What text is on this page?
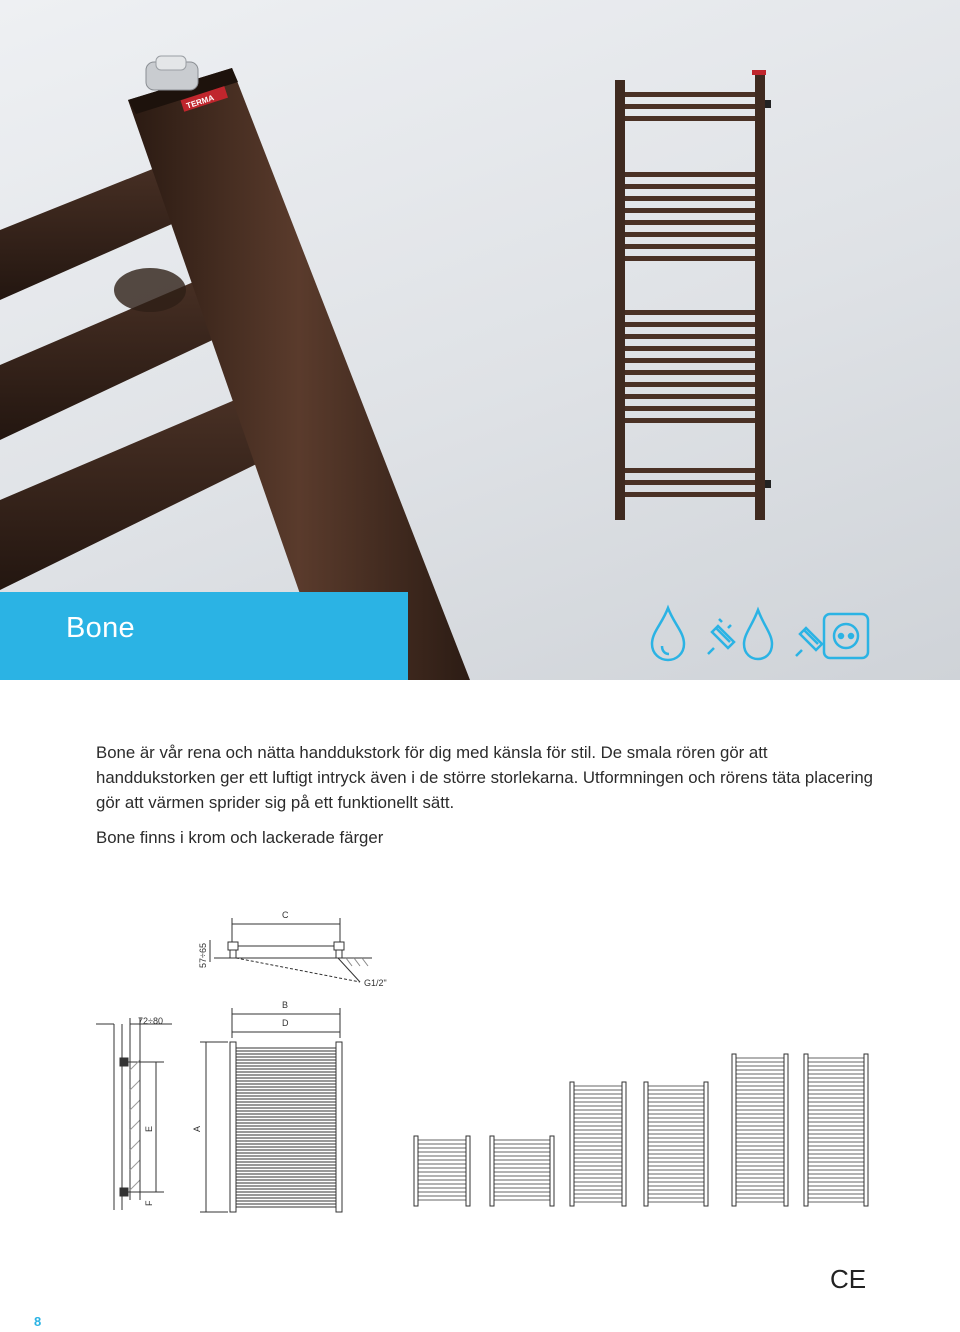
TERMA
Bone

Bone är vår rena och nätta handdukstork för dig med känsla för stil. De smala rören gör att handdukstorken ger ett luftigt intryck även i de större storlekarna. Utformningen och rörens täta placering gör att värmen sprider sig på ett funktionellt sätt.

Bone finns i krom och lackerade färger

C
57÷65
G1/2"
72÷80
E
F
B
D
A
CE
8
